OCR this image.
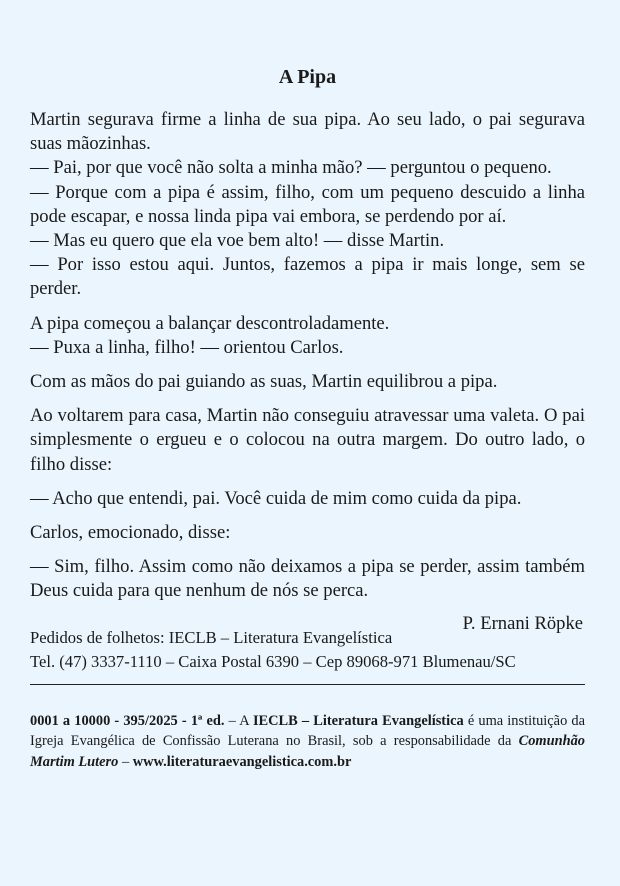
A Pipa

Martin segurava firme a linha de sua pipa. Ao seu lado, o pai segurava suas mãozinhas.

— Pai, por que você não solta a minha mão? — perguntou o pequeno.

— Porque com a pipa é assim, filho, com um pequeno descuido a linha pode escapar, e nossa linda pipa vai embora, se perdendo por aí.

— Mas eu quero que ela voe bem alto! — disse Martin.

— Por isso estou aqui. Juntos, fazemos a pipa ir mais longe, sem se perder.

A pipa começou a balançar descontroladamente.

— Puxa a linha, filho! — orientou Carlos.

Com as mãos do pai guiando as suas, Martin equilibrou a pipa.

Ao voltarem para casa, Martin não conseguiu atravessar uma valeta. O pai simplesmente o ergueu e o colocou na outra margem. Do outro lado, o filho disse:

— Acho que entendi, pai. Você cuida de mim como cuida da pipa.

Carlos, emocionado, disse:

— Sim, filho. Assim como não deixamos a pipa se perder, assim também Deus cuida para que nenhum de nós se perca.

P. Ernani Röpke
Pedidos de folhetos: IECLB – Literatura Evangelística
Tel. (47) 3337-1110 – Caixa Postal 6390 – Cep 89068-971 Blumenau/SC
0001 a 10000 - 395/2025 - 1ª ed. – A IECLB – Literatura Evangelística é uma instituição da Igreja Evangélica de Confissão Luterana no Brasil, sob a responsabilidade da Comunhão Martim Lutero – www.literaturaevangelistica.com.br
